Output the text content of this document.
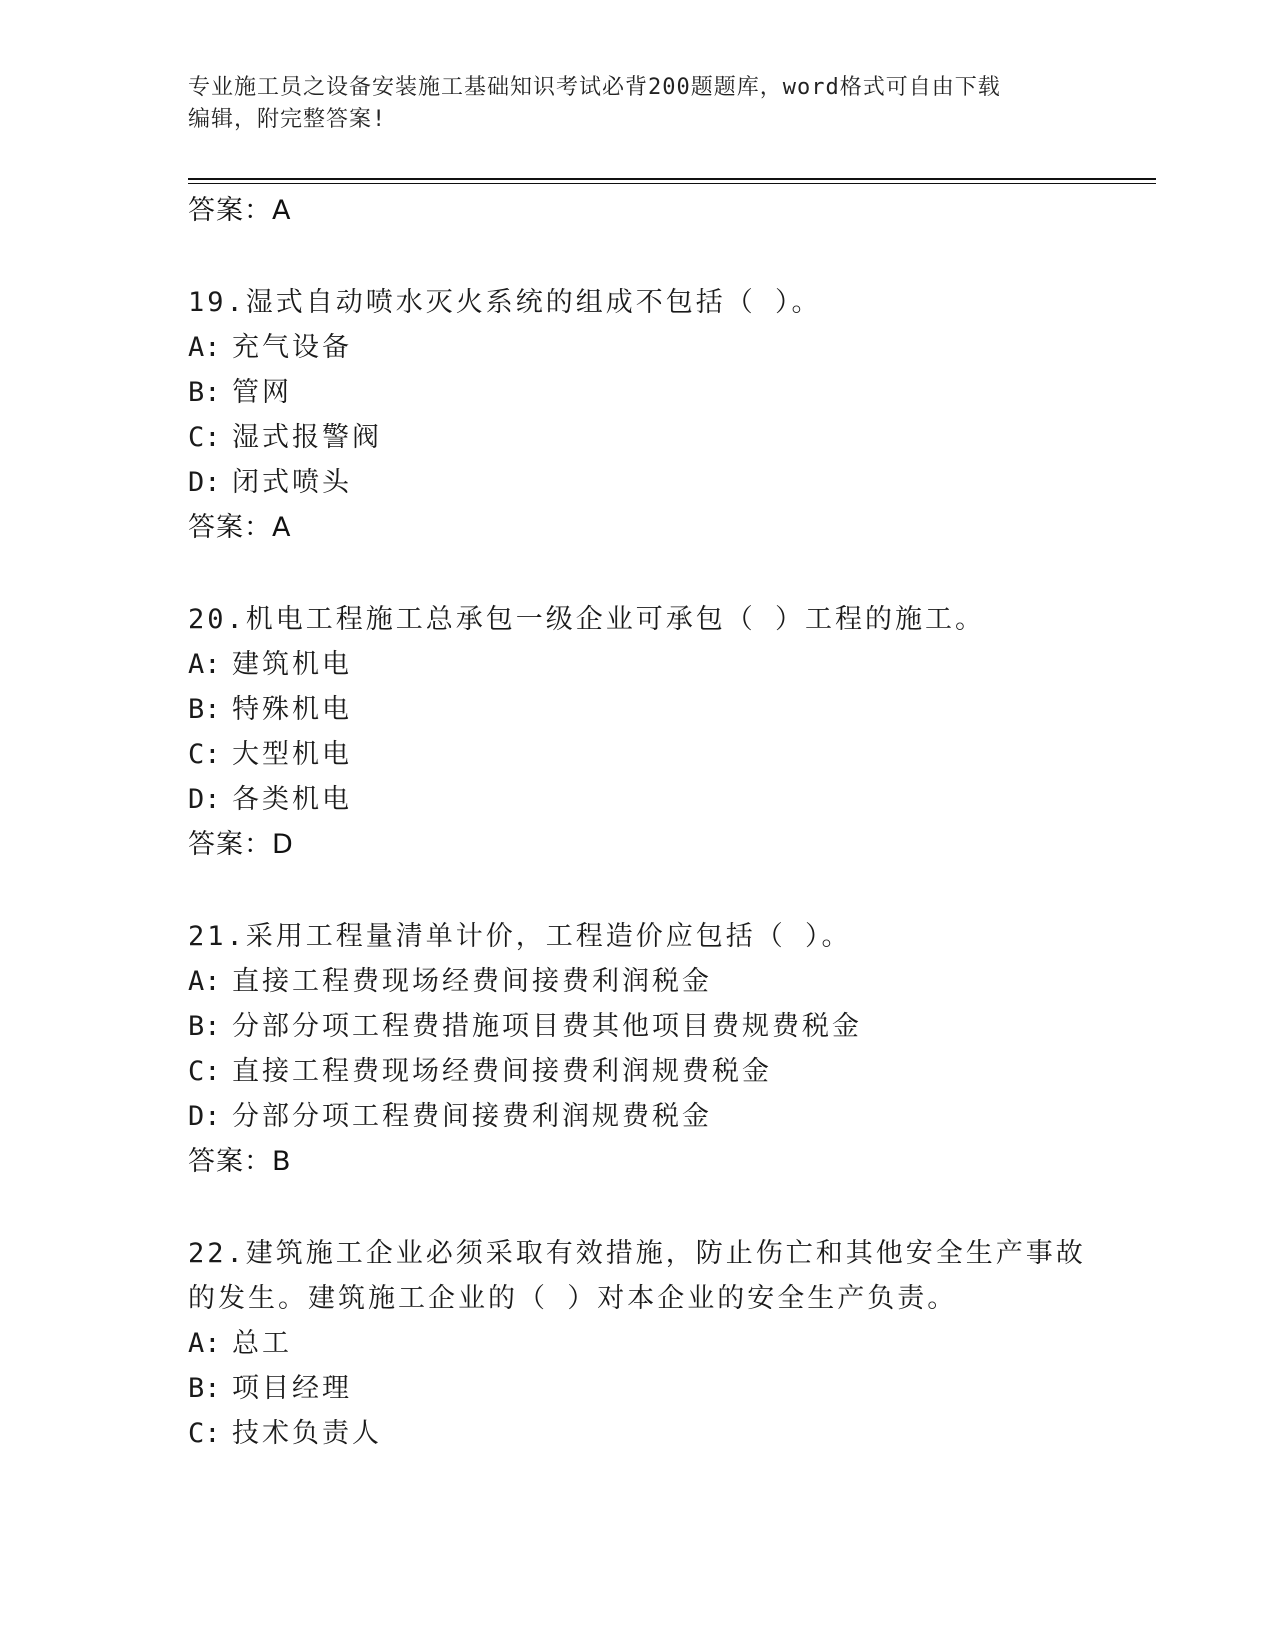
专业施工员之设备安装施工基础知识考试必背200题题库，word格式可自由下载
编辑，附完整答案!
答案：A
19.湿式自动喷水灭火系统的组成不包括（ ）。
A: 充气设备
B: 管网
C: 湿式报警阀
D: 闭式喷头
答案：A
20.机电工程施工总承包一级企业可承包（ ）工程的施工。
A: 建筑机电
B: 特殊机电
C: 大型机电
D: 各类机电
答案：D
21.采用工程量清单计价，工程造价应包括（ ）。
A: 直接工程费现场经费间接费利润税金
B: 分部分项工程费措施项目费其他项目费规费税金
C: 直接工程费现场经费间接费利润规费税金
D: 分部分项工程费间接费利润规费税金
答案：B
22.建筑施工企业必须采取有效措施，防止伤亡和其他安全生产事故的发生。建筑施工企业的（ ）对本企业的安全生产负责。
A: 总工
B: 项目经理
C: 技术负责人
